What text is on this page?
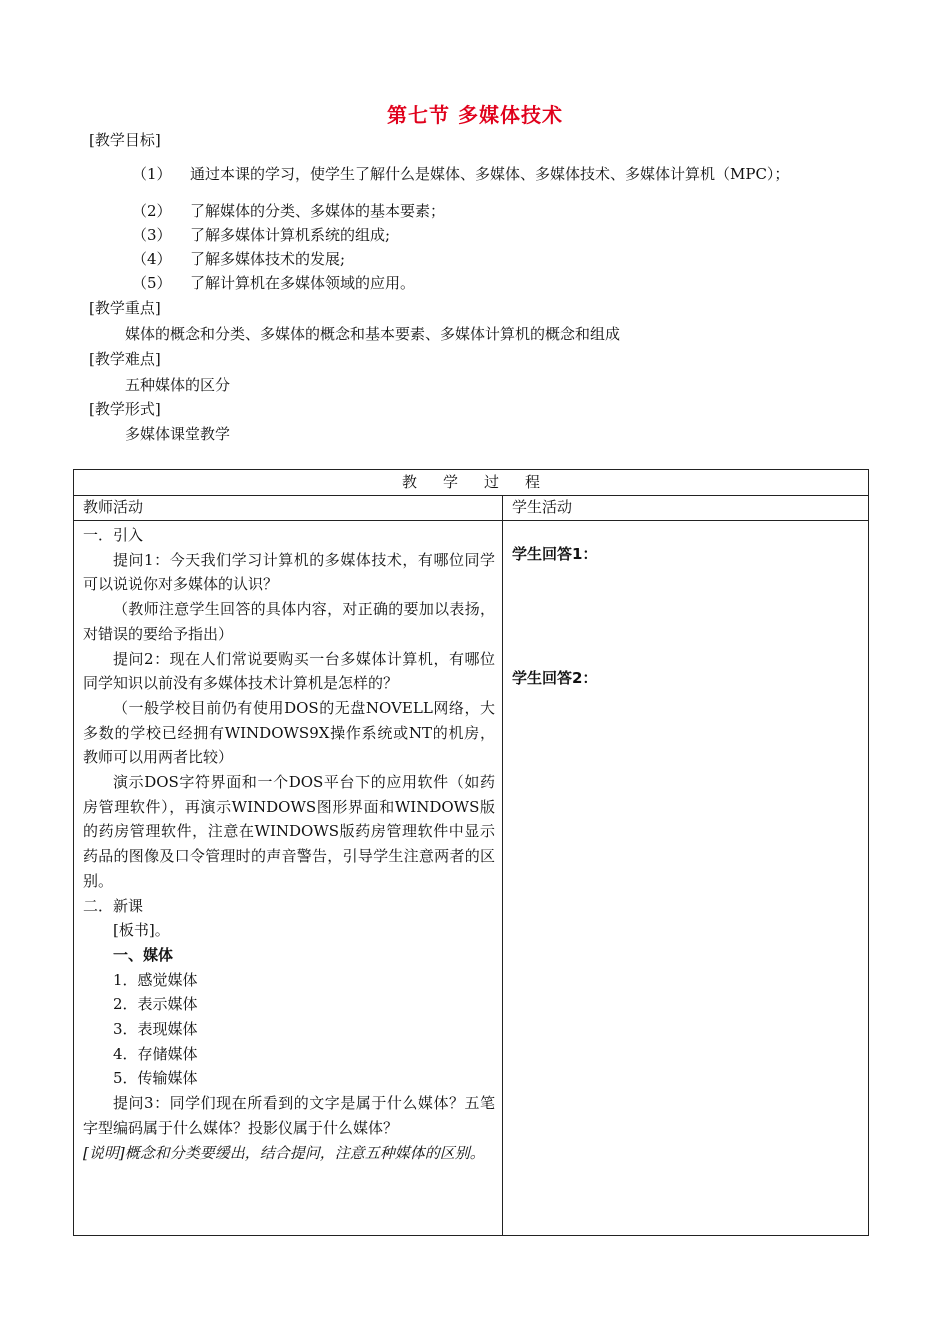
第七节 多媒体技术
[教学目标]
（1） 通过本课的学习，使学生了解什么是媒体、多媒体、多媒体技术、多媒体计算机（MPC）；
（2） 了解媒体的分类、多媒体的基本要素；
（3） 了解多媒体计算机系统的组成;
（4） 了解多媒体技术的发展;
（5） 了解计算机在多媒体领域的应用。
[教学重点]
媒体的概念和分类、多媒体的概念和基本要素、多媒体计算机的概念和组成
[教学难点]
五种媒体的区分
[教学形式]
多媒体课堂教学
教学过程
教师活动	学生活动
一．引入
提问1：今天我们学习计算机的多媒体技术，有哪位同学可以说说你对多媒体的认识？
（教师注意学生回答的具体内容，对正确的要加以表扬，对错误的要给予指出）
提问2：现在人们常说要购买一台多媒体计算机，有哪位同学知识以前没有多媒体技术计算机是怎样的？
（一般学校目前仍有使用DOS的无盘NOVELL网络，大多数的学校已经拥有WINDOWS9X操作系统或NT的机房，教师可以用两者比较）
演示DOS字符界面和一个DOS平台下的应用软件（如药房管理软件），再演示WINDOWS图形界面和WINDOWS版的药房管理软件，注意在WINDOWS版药房管理软件中显示药品的图像及口令管理时的声音警告，引导学生注意两者的区别。
二．新课
[板书]。
一、媒体
1．感觉媒体
2．表示媒体
3．表现媒体
4．存储媒体
5．传输媒体
提问3：同学们现在所看到的文字是属于什么媒体？五笔字型编码属于什么媒体？投影仪属于什么媒体？
[说明]概念和分类要缓出，结合提问，注意五种媒体的区别。
学生回答1：
学生回答2：
